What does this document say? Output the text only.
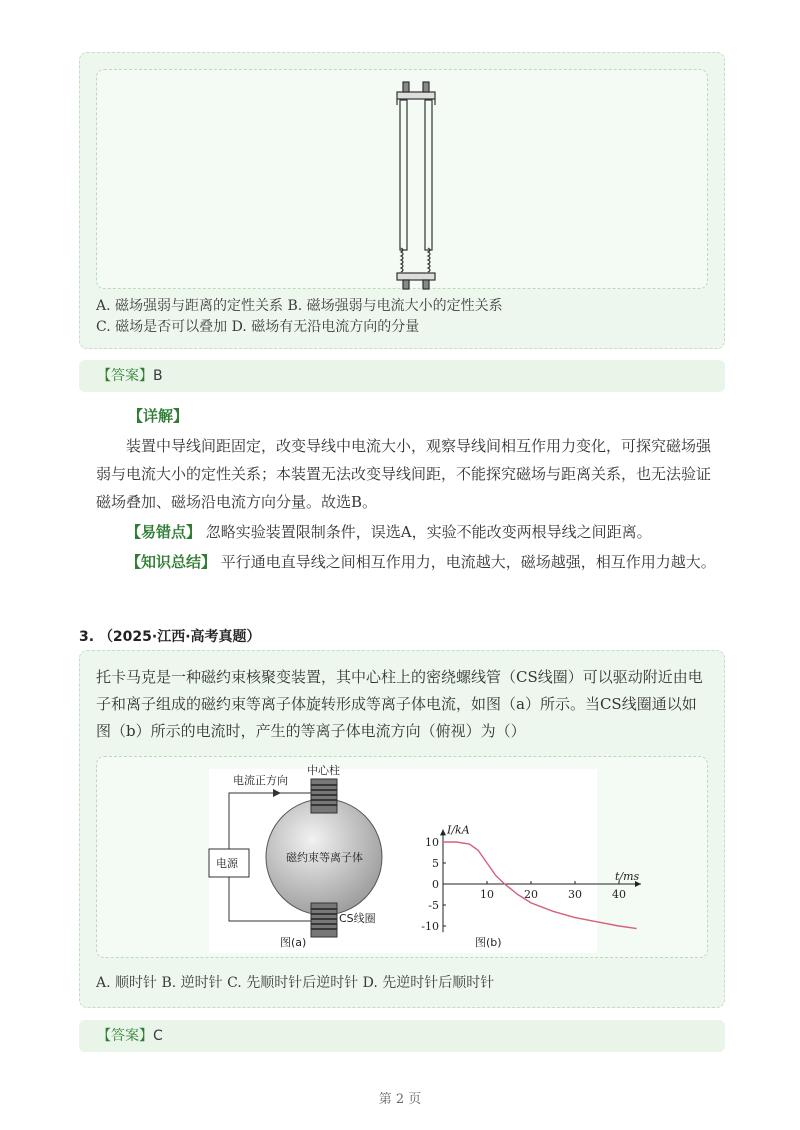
A. 磁场强弱与距离的定性关系 B. 磁场强弱与电流大小的定性关系
C. 磁场是否可以叠加 D. 磁场有无沿电流方向的分量
【答案】B
【详解】
装置中导线间距固定，改变导线中电流大小，观察导线间相互作用力变化，可探究磁场强弱与电流大小的定性关系；本装置无法改变导线间距，不能探究磁场与距离关系，也无法验证磁场叠加、磁场沿电流方向分量。故选B。
【易错点】 忽略实验装置限制条件，误选A，实验不能改变两根导线之间距离。
【知识总结】 平行通电直导线之间相互作用力，电流越大，磁场越强，相互作用力越大。
3. （2025·江西·高考真题）
托卡马克是一种磁约束核聚变装置，其中心柱上的密绕螺线管（CS线圈）可以驱动附近由电子和离子组成的磁约束等离子体旋转形成等离子体电流，如图（a）所示。当CS线圈通以如图（b）所示的电流时，产生的等离子体电流方向（俯视）为（）
电流正方向
中心柱
电源	磁约束等离子体
CS线圈
图(a)
I/kA
t/ms
10
5
0
-5
-10
10	20	30	40
图(b)
A. 顺时针 B. 逆时针 C. 先顺时针后逆时针 D. 先逆时针后顺时针
【答案】C
第 2 页
